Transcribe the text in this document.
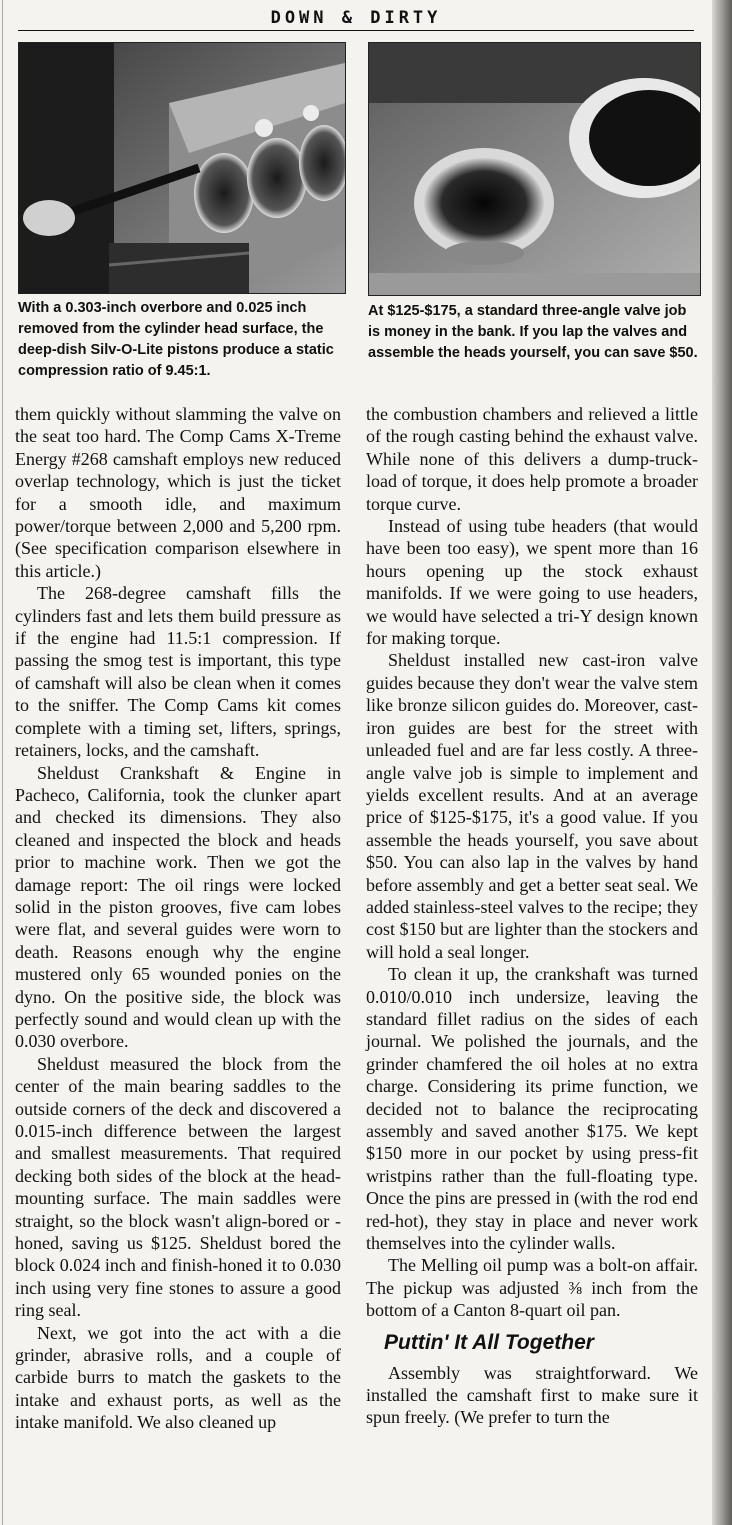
DOWN & DIRTY

With a 0.303-inch overbore and 0.025 inch removed from the cylinder head surface, the deep-dish Silv-O-Lite pistons produce a static compression ratio of 9.45:1.

At $125-$175, a standard three-angle valve job is money in the bank. If you lap the valves and assemble the heads yourself, you can save $50.

them quickly without slamming the valve on the seat too hard. The Comp Cams X-Treme Energy #268 camshaft employs new reduced overlap technology, which is just the ticket for a smooth idle, and maximum power/torque between 2,000 and 5,200 rpm. (See specification comparison elsewhere in this article.)

The 268-degree camshaft fills the cylinders fast and lets them build pressure as if the engine had 11.5:1 compression. If passing the smog test is important, this type of camshaft will also be clean when it comes to the sniffer. The Comp Cams kit comes complete with a timing set, lifters, springs, retainers, locks, and the camshaft.

Sheldust Crankshaft & Engine in Pacheco, California, took the clunker apart and checked its dimensions. They also cleaned and inspected the block and heads prior to machine work. Then we got the damage report: The oil rings were locked solid in the piston grooves, five cam lobes were flat, and several guides were worn to death. Reasons enough why the engine mustered only 65 wounded ponies on the dyno. On the positive side, the block was perfectly sound and would clean up with the 0.030 overbore.

Sheldust measured the block from the center of the main bearing saddles to the outside corners of the deck and discovered a 0.015-inch difference between the largest and smallest measurements. That required decking both sides of the block at the head-mounting surface. The main saddles were straight, so the block wasn't align-bored or -honed, saving us $125. Sheldust bored the block 0.024 inch and finish-honed it to 0.030 inch using very fine stones to assure a good ring seal.

Next, we got into the act with a die grinder, abrasive rolls, and a couple of carbide burrs to match the gaskets to the intake and exhaust ports, as well as the intake manifold. We also cleaned up

the combustion chambers and relieved a little of the rough casting behind the exhaust valve. While none of this delivers a dump-truck-load of torque, it does help promote a broader torque curve.

Instead of using tube headers (that would have been too easy), we spent more than 16 hours opening up the stock exhaust manifolds. If we were going to use headers, we would have selected a tri-Y design known for making torque.

Sheldust installed new cast-iron valve guides because they don't wear the valve stem like bronze silicon guides do. Moreover, cast-iron guides are best for the street with unleaded fuel and are far less costly. A three-angle valve job is simple to implement and yields excellent results. And at an average price of $125-$175, it's a good value. If you assemble the heads yourself, you save about $50. You can also lap in the valves by hand before assembly and get a better seat seal. We added stainless-steel valves to the recipe; they cost $150 but are lighter than the stockers and will hold a seal longer.

To clean it up, the crankshaft was turned 0.010/0.010 inch undersize, leaving the standard fillet radius on the sides of each journal. We polished the journals, and the grinder chamfered the oil holes at no extra charge. Considering its prime function, we decided not to balance the reciprocating assembly and saved another $175. We kept $150 more in our pocket by using press-fit wristpins rather than the full-floating type. Once the pins are pressed in (with the rod end red-hot), they stay in place and never work themselves into the cylinder walls.

The Melling oil pump was a bolt-on affair. The pickup was adjusted ⅜ inch from the bottom of a Canton 8-quart oil pan.

Puttin' It All Together

Assembly was straightforward. We installed the camshaft first to make sure it spun freely. (We prefer to turn the
